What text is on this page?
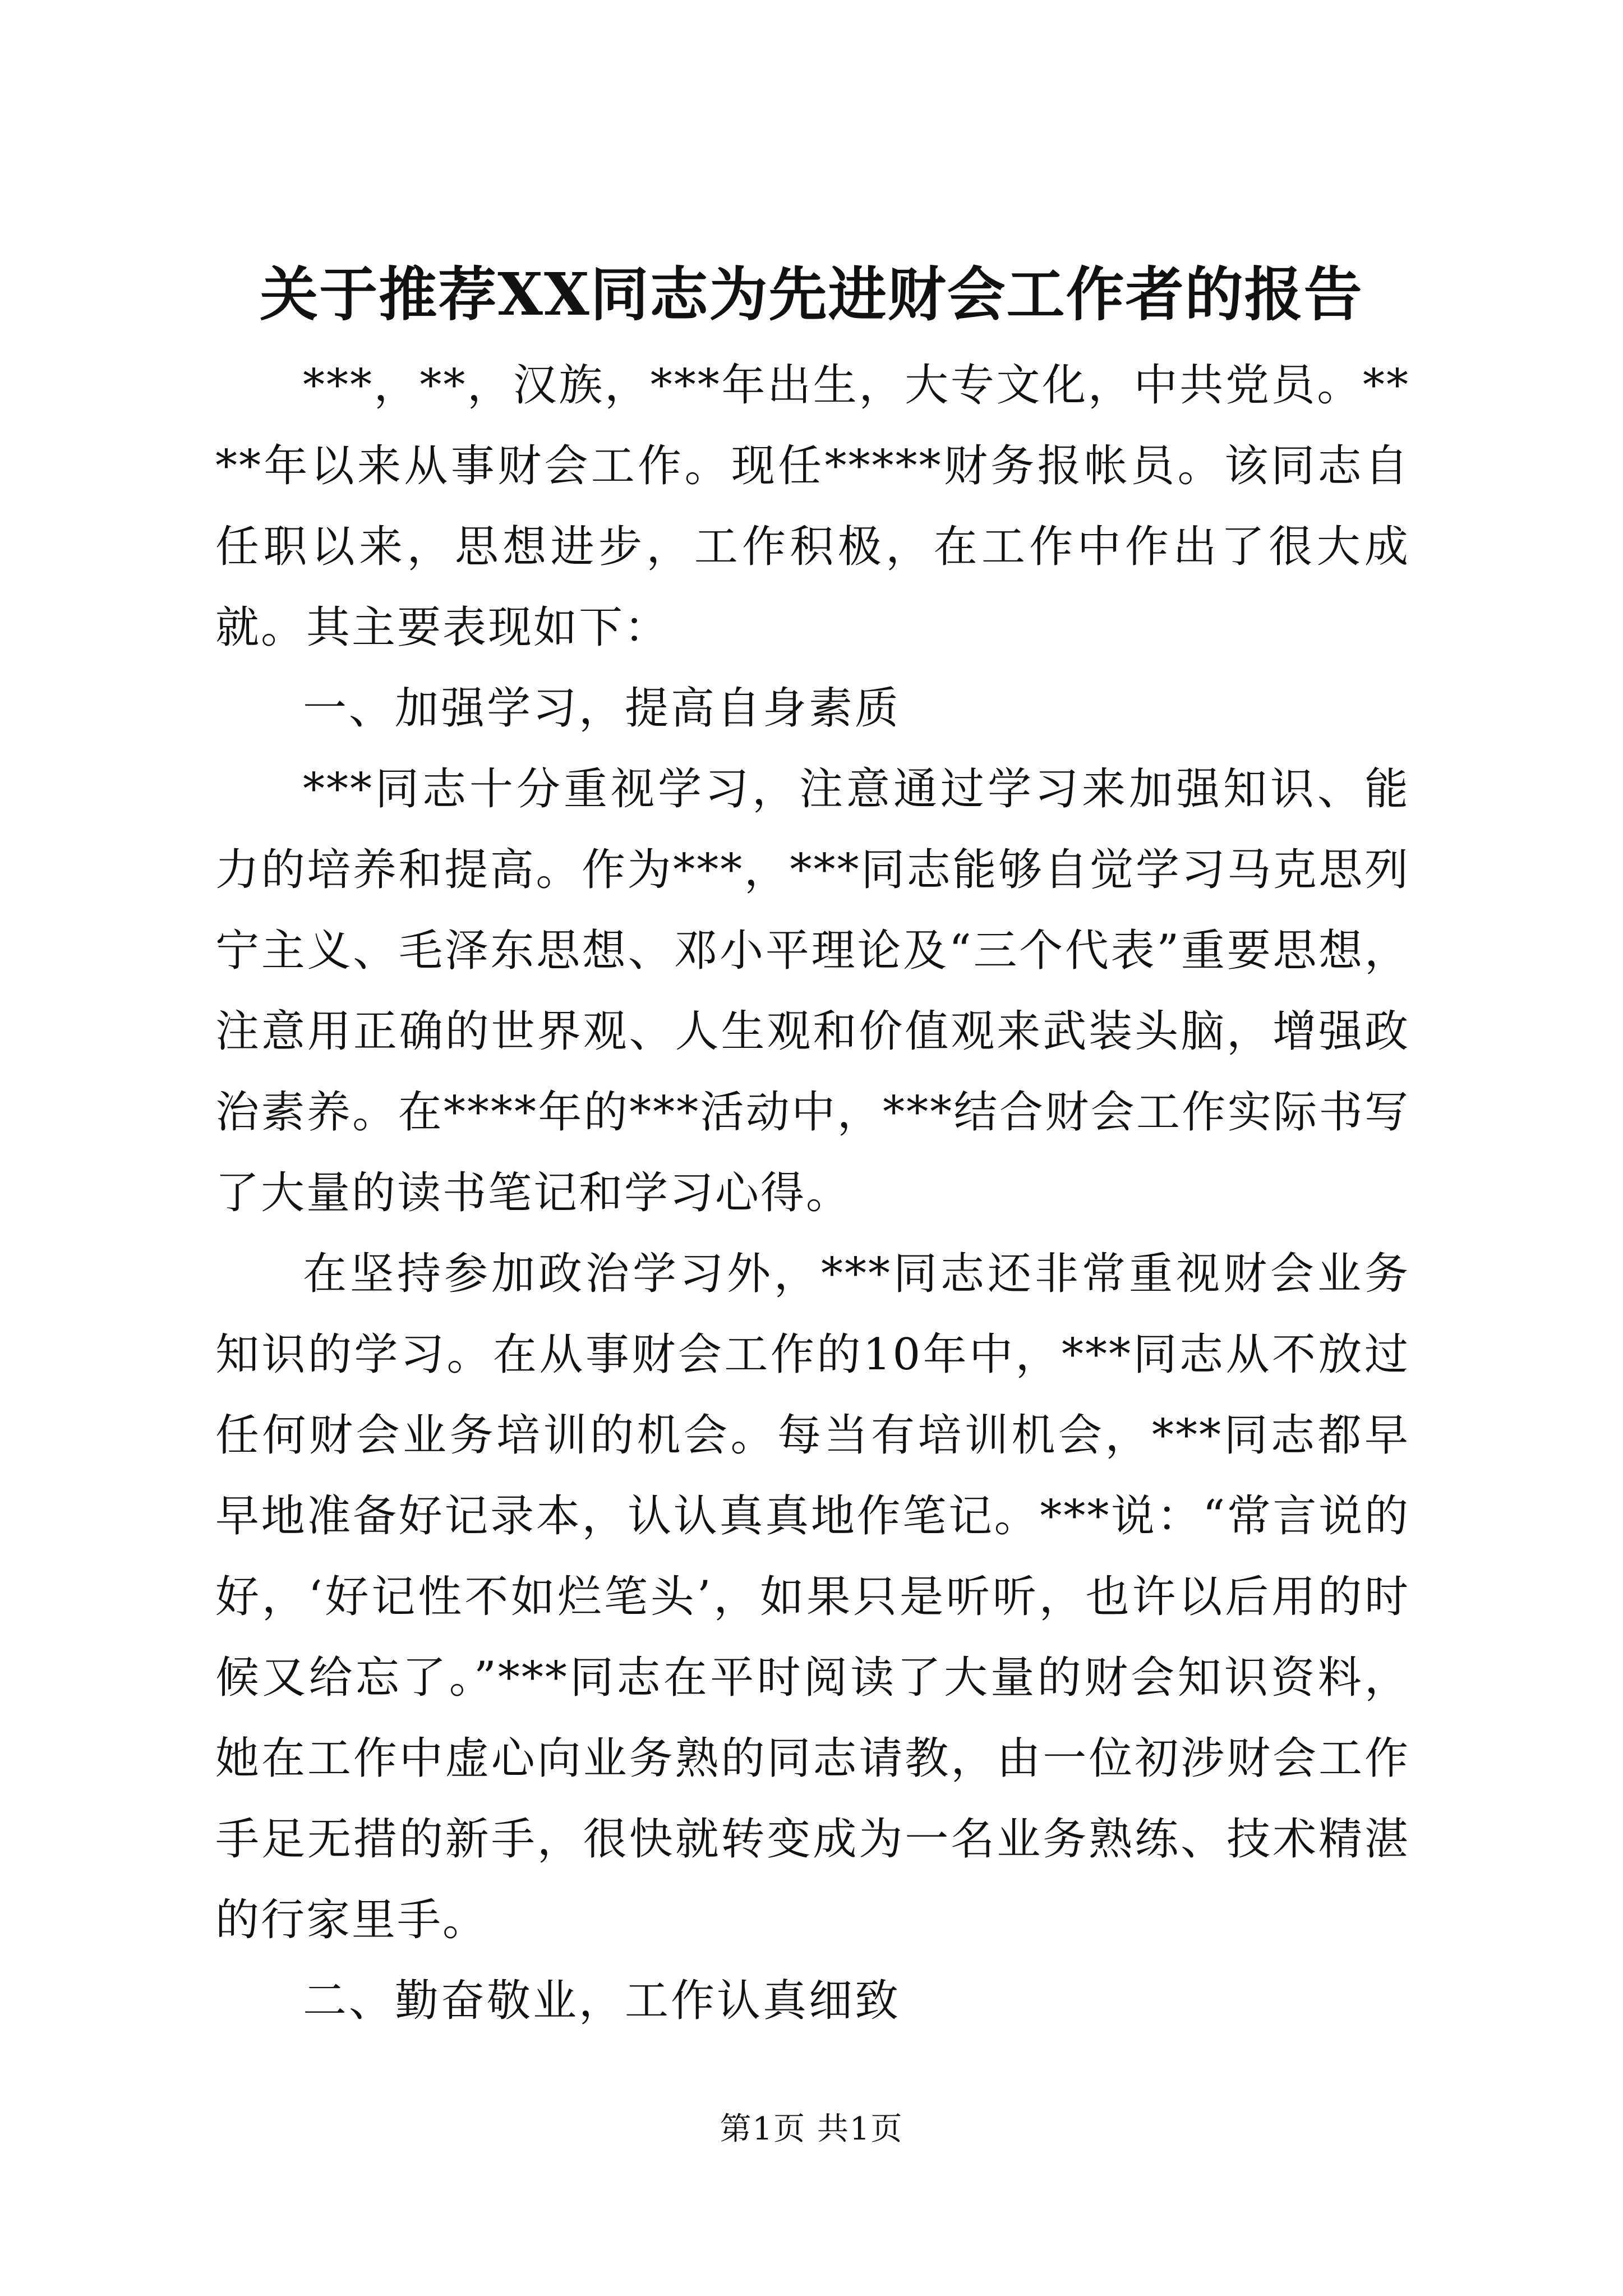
关于推荐XX同志为先进财会工作者的报告

***，**，汉族，***年出生，大专文化，中共党员。****年以来从事财会工作。现任*****财务报帐员。该同志自任职以来，思想进步，工作积极，在工作中作出了很大成就。其主要表现如下：

一、加强学习，提高自身素质

***同志十分重视学习，注意通过学习来加强知识、能力的培养和提高。作为***，***同志能够自觉学习马克思列宁主义、毛泽东思想、邓小平理论及“三个代表”重要思想，注意用正确的世界观、人生观和价值观来武装头脑，增强政治素养。在****年的***活动中，***结合财会工作实际书写了大量的读书笔记和学习心得。

在坚持参加政治学习外，***同志还非常重视财会业务知识的学习。在从事财会工作的10年中，***同志从不放过任何财会业务培训的机会。每当有培训机会，***同志都早早地准备好记录本，认认真真地作笔记。***说：“常言说的好，‘好记性不如烂笔头’，如果只是听听，也许以后用的时候又给忘了。”***同志在平时阅读了大量的财会知识资料，她在工作中虚心向业务熟的同志请教，由一位初涉财会工作手足无措的新手，很快就转变成为一名业务熟练、技术精湛的行家里手。

二、勤奋敬业，工作认真细致

第1页 共1页
